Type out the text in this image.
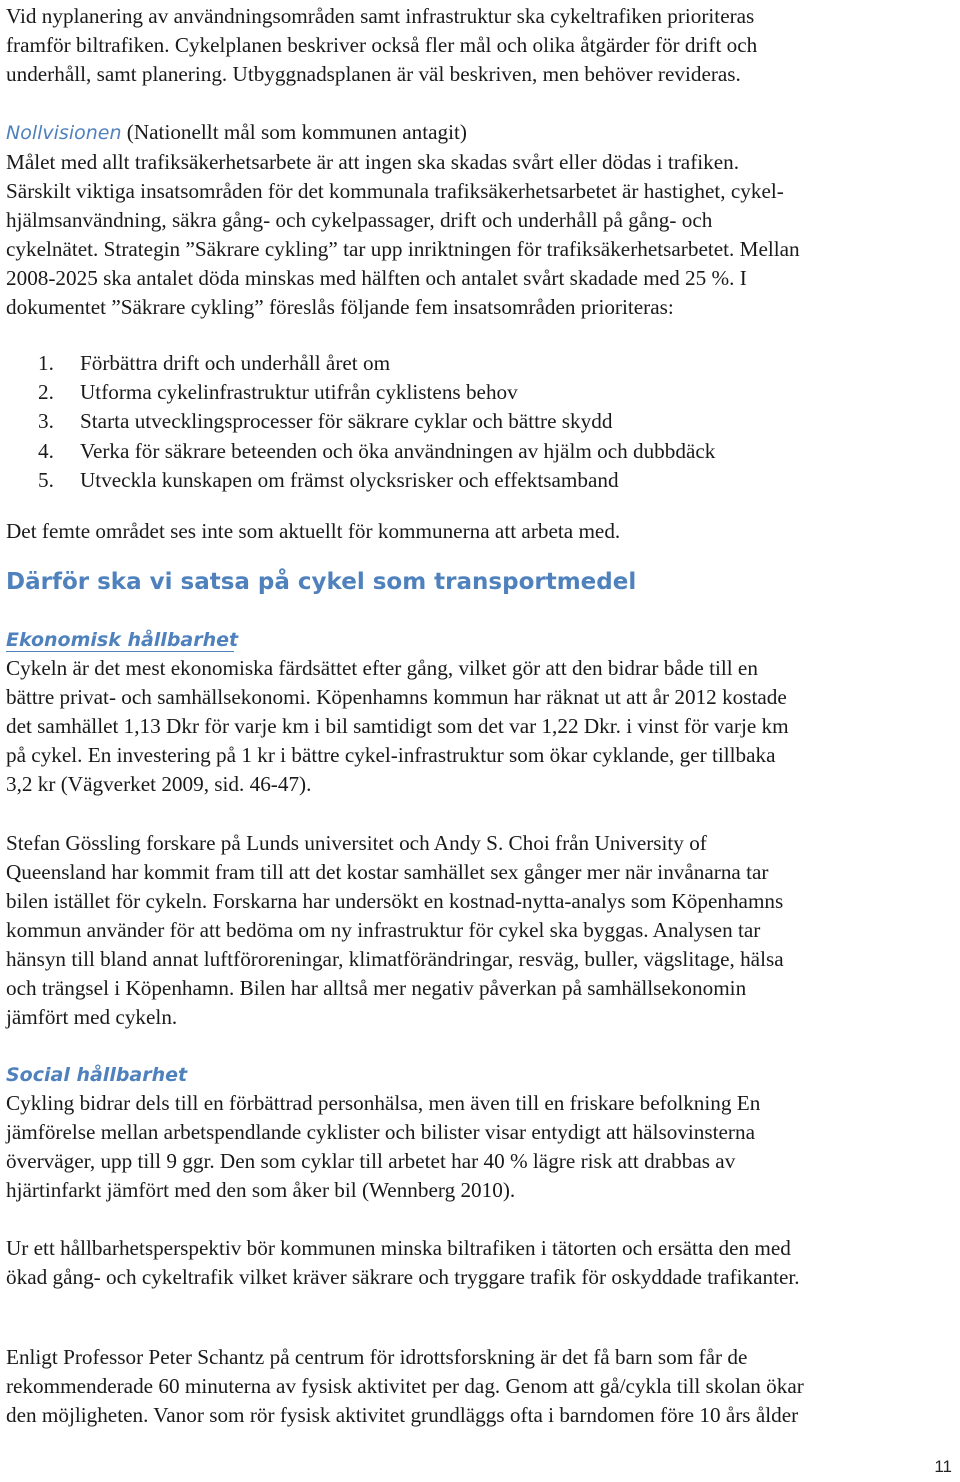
Vid nyplanering av användningsområden samt infrastruktur ska cykeltrafiken prioriteras
framför biltrafiken. Cykelplanen beskriver också fler mål och olika åtgärder för drift och
underhåll, samt planering. Utbyggnadsplanen är väl beskriven, men behöver revideras.

Nollvisionen (Nationellt mål som kommunen antagit)
Målet med allt trafiksäkerhetsarbete är att ingen ska skadas svårt eller dödas i trafiken.
Särskilt viktiga insatsområden för det kommunala trafiksäkerhetsarbetet är hastighet, cykel-
hjälmsanvändning, säkra gång- och cykelpassager, drift och underhåll på gång- och
cykelnätet. Strategin ”Säkrare cykling” tar upp inriktningen för trafiksäkerhetsarbetet. Mellan
2008-2025 ska antalet döda minskas med hälften och antalet svårt skadade med 25 %. I
dokumentet ”Säkrare cykling” föreslås följande fem insatsområden prioriteras:

1. Förbättra drift och underhåll året om
2. Utforma cykelinfrastruktur utifrån cyklistens behov
3. Starta utvecklingsprocesser för säkrare cyklar och bättre skydd
4. Verka för säkrare beteenden och öka användningen av hjälm och dubbdäck
5. Utveckla kunskapen om främst olycksrisker och effektsamband

Det femte området ses inte som aktuellt för kommunerna att arbeta med.

Därför ska vi satsa på cykel som transportmedel
Ekonomisk hållbarhet

Cykeln är det mest ekonomiska färdsättet efter gång, vilket gör att den bidrar både till en
bättre privat- och samhällsekonomi. Köpenhamns kommun har räknat ut att år 2012 kostade
det samhället 1,13 Dkr för varje km i bil samtidigt som det var 1,22 Dkr. i vinst för varje km
på cykel. En investering på 1 kr i bättre cykel-infrastruktur som ökar cyklande, ger tillbaka
3,2 kr (Vägverket 2009, sid. 46-47).

Stefan Gössling forskare på Lunds universitet och Andy S. Choi från University of
Queensland har kommit fram till att det kostar samhället sex gånger mer när invånarna tar
bilen istället för cykeln. Forskarna har undersökt en kostnad-nytta-analys som Köpenhamns
kommun använder för att bedöma om ny infrastruktur för cykel ska byggas. Analysen tar
hänsyn till bland annat luftföroreningar, klimatförändringar, resväg, buller, vägslitage, hälsa
och trängsel i Köpenhamn. Bilen har alltså mer negativ påverkan på samhällsekonomin
jämfört med cykeln.

Social hållbarhet

Cykling bidrar dels till en förbättrad personhälsa, men även till en friskare befolkning En
jämförelse mellan arbetspendlande cyklister och bilister visar entydigt att hälsovinsterna
överväger, upp till 9 ggr. Den som cyklar till arbetet har 40 % lägre risk att drabbas av
hjärtinfarkt jämfört med den som åker bil (Wennberg 2010).

Ur ett hållbarhetsperspektiv bör kommunen minska biltrafiken i tätorten och ersätta den med
ökad gång- och cykeltrafik vilket kräver säkrare och tryggare trafik för oskyddade trafikanter.

Enligt Professor Peter Schantz på centrum för idrottsforskning är det få barn som får de
rekommenderade 60 minuterna av fysisk aktivitet per dag. Genom att gå/cykla till skolan ökar
den möjligheten. Vanor som rör fysisk aktivitet grundläggs ofta i barndomen före 10 års ålder

11
